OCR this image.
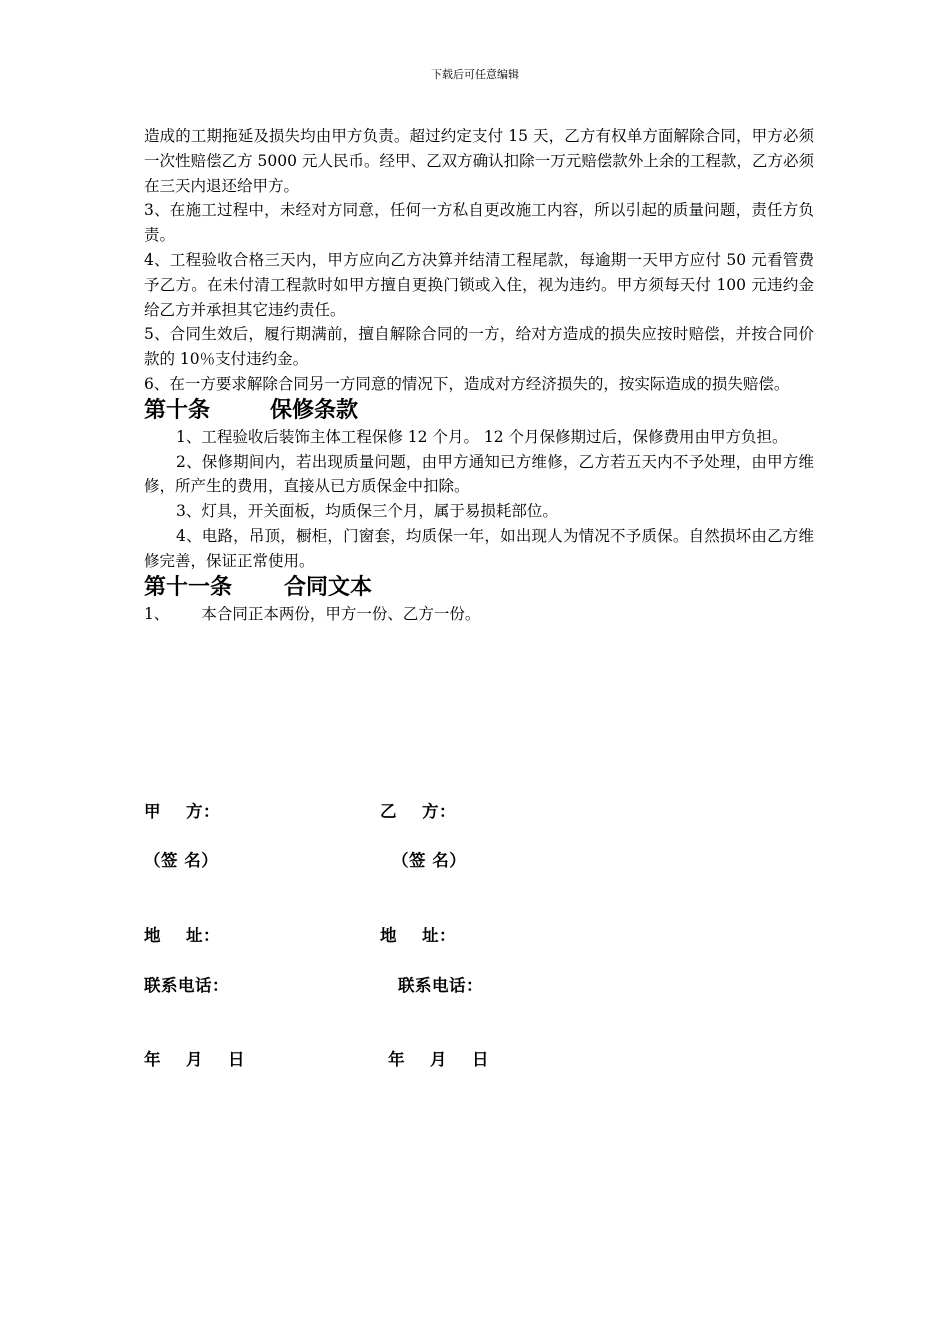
下载后可任意编辑

造成的工期拖延及损失均由甲方负责。超过约定支付 15 天，乙方有权单方面解除合同，甲方必须一次性赔偿乙方 5000 元人民币。经甲、乙双方确认扣除一万元赔偿款外上余的工程款，乙方必须在三天内退还给甲方。

3、在施工过程中，未经对方同意，任何一方私自更改施工内容，所以引起的质量问题，责任方负责。

4、工程验收合格三天内，甲方应向乙方决算并结清工程尾款，每逾期一天甲方应付 50 元看管费予乙方。在未付清工程款时如甲方擅自更换门锁或入住，视为违约。甲方须每天付 100 元违约金给乙方并承担其它违约责任。

5、合同生效后，履行期满前，擅自解除合同的一方，给对方造成的损失应按时赔偿，并按合同价款的 10％支付违约金。

6、在一方要求解除合同另一方同意的情况下，造成对方经济损失的，按实际造成的损失赔偿。

第十条	保修条款

1、工程验收后装饰主体工程保修 12 个月。 12 个月保修期过后，保修费用由甲方负担。

2、保修期间内，若出现质量问题，由甲方通知已方维修，乙方若五天内不予处理，由甲方维修，所产生的费用，直接从已方质保金中扣除。

3、灯具，开关面板，均质保三个月，属于易损耗部位。

4、电路，吊顶，橱柜，门窗套，均质保一年，如出现人为情况不予质保。自然损坏由乙方维修完善，保证正常使用。

第十一条 合同文本

1、 本合同正本两份，甲方一份、乙方一份。

甲    方：	乙    方：
（签 名）	（签 名）
地    址：	地    址：
联系电话：	联系电话：
年    月    日	年    月    日
